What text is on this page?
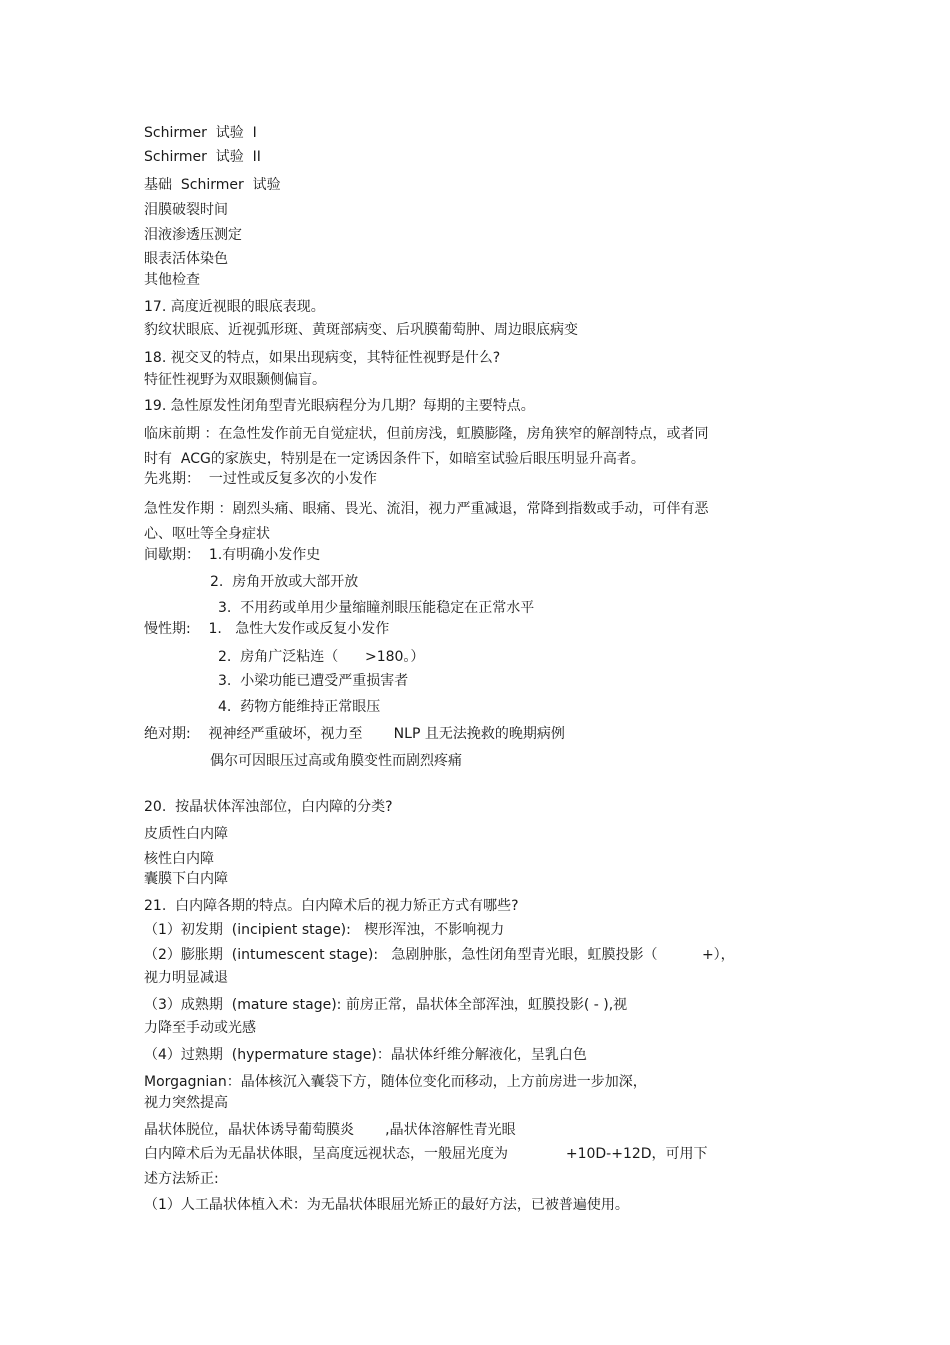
Schirmer  试验  I
Schirmer  试验  II
基础  Schirmer  试验
泪膜破裂时间
泪液渗透压测定
眼表活体染色
其他检查
17. 高度近视眼的眼底表现。
豹纹状眼底、近视弧形斑、黄斑部病变、后巩膜葡萄肿、周边眼底病变
18. 视交叉的特点，如果出现病变，其特征性视野是什么?
特征性视野为双眼颞侧偏盲。
19. 急性原发性闭角型青光眼病程分为几期？每期的主要特点。
临床前期 ：在急性发作前无自觉症状，但前房浅，虹膜膨隆，房角狭窄的解剖特点，或者同
时有  ACG的家族史，特别是在一定诱因条件下，如暗室试验后眼压明显升高者。
先兆期：  一过性或反复多次的小发作
急性发作期 ：剧烈头痛、眼痛、畏光、流泪，视力严重减退，常降到指数或手动，可伴有恶
心、呕吐等全身症状
间歇期：  1.有明确小发作史
2.  房角开放或大部开放
3.  不用药或单用少量缩瞳剂眼压能稳定在正常水平
慢性期:    1.   急性大发作或反复小发作
2.  房角广泛粘连（      >180。）
3.  小梁功能已遭受严重损害者
4.  药物方能维持正常眼压
绝对期:    视神经严重破坏，视力至       NLP 且无法挽救的晚期病例
偶尔可因眼压过高或角膜变性而剧烈疼痛
20.  按晶状体浑浊部位，白内障的分类?
皮质性白内障
核性白内障
囊膜下白内障
21.  白内障各期的特点。白内障术后的视力矫正方式有哪些?
（1）初发期  (incipient stage):   楔形浑浊，不影响视力
（2）膨胀期  (intumescent stage):   急剧肿胀，急性闭角型青光眼，虹膜投影（          +），
视力明显减退
（3）成熟期  (mature stage): 前房正常，晶状体全部浑浊，虹膜投影( - ),视
力降至手动或光感
（4）过熟期  (hypermature stage)：晶状体纤维分解液化，呈乳白色
Morgagnian：晶体核沉入囊袋下方，随体位变化而移动，上方前房进一步加深，
视力突然提高
晶状体脱位，晶状体诱导葡萄膜炎       ,晶状体溶解性青光眼
白内障术后为无晶状体眼，呈高度远视状态，一般屈光度为             +10D-+12D，可用下
述方法矫正:
（1）人工晶状体植入术：为无晶状体眼屈光矫正的最好方法，已被普遍使用。
